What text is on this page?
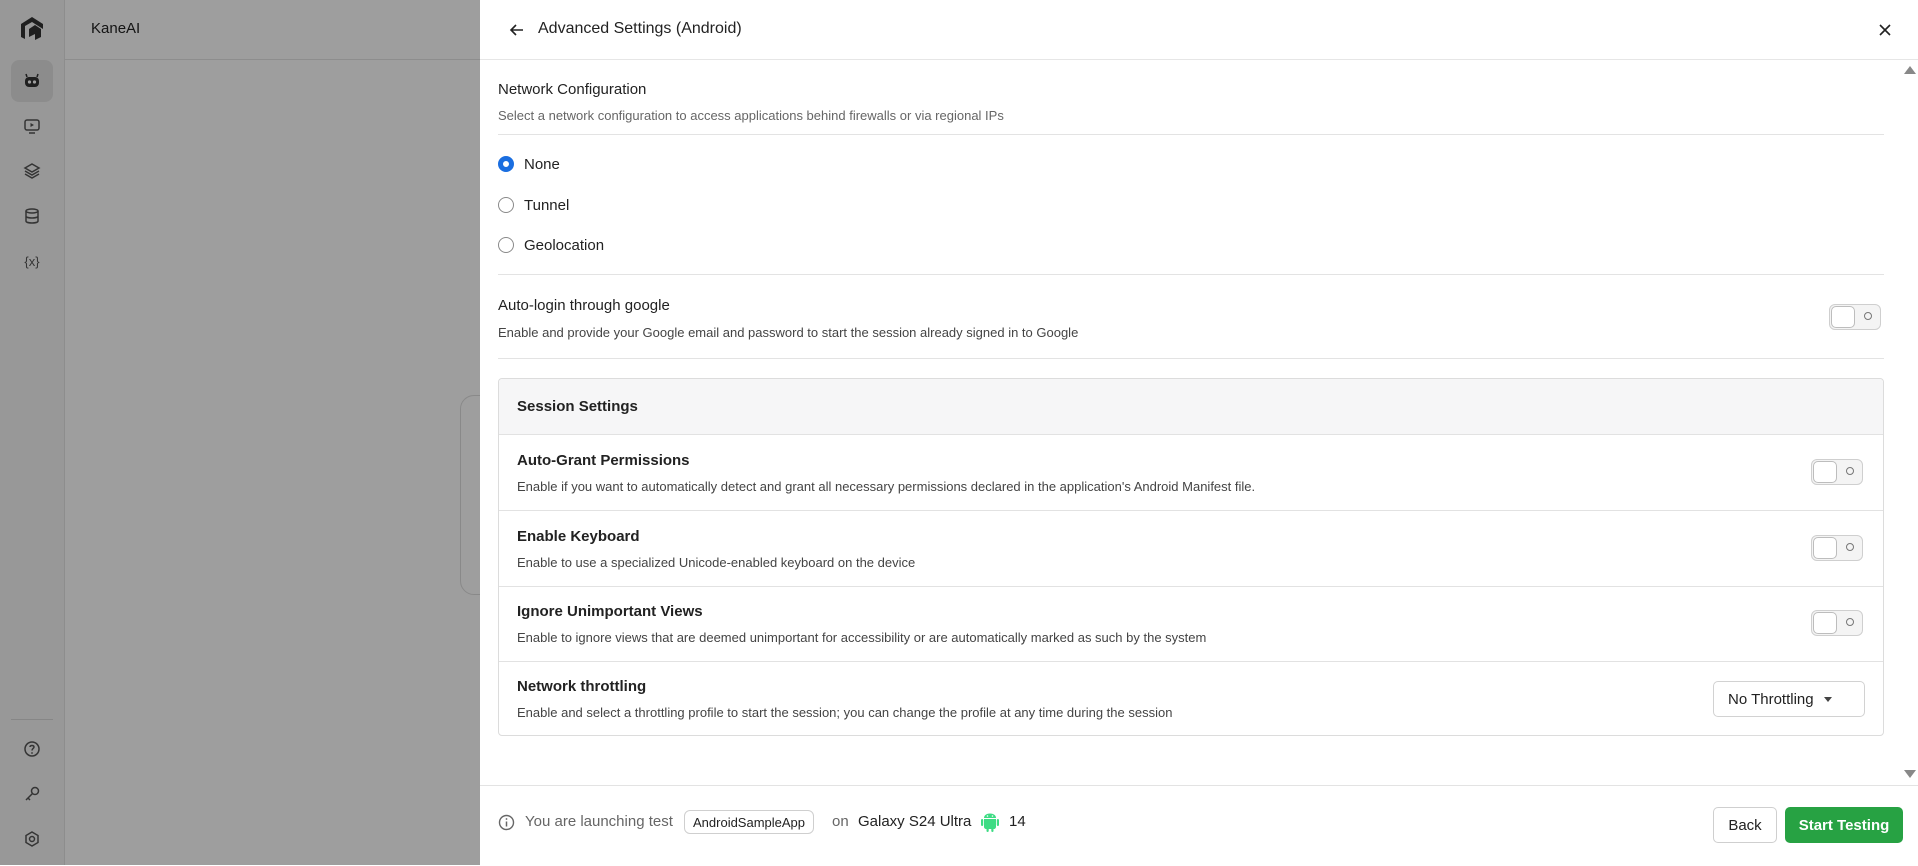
{x}
KaneAI	Advanced Settings (Android)
Network Configuration
Select a network configuration to access applications behind firewalls or via regional IPs
None
Tunnel
Geolocation
Auto-login through google
Enable and provide your Google email and password to start the session already signed in to Google
Session Settings
Auto-Grant Permissions
Enable if you want to automatically detect and grant all necessary permissions declared in the application's Android Manifest file.
Enable Keyboard
Enable to use a specialized Unicode-enabled keyboard on the device
Ignore Unimportant Views
Enable to ignore views that are deemed unimportant for accessibility or are automatically marked as such by the system
Network throttling
Enable and select a throttling profile to start the session; you can change the profile at any time during the session
No Throttling
You are launching test	AndroidSampleApp	on Galaxy S24 Ultra	14	Back	Start Testing
